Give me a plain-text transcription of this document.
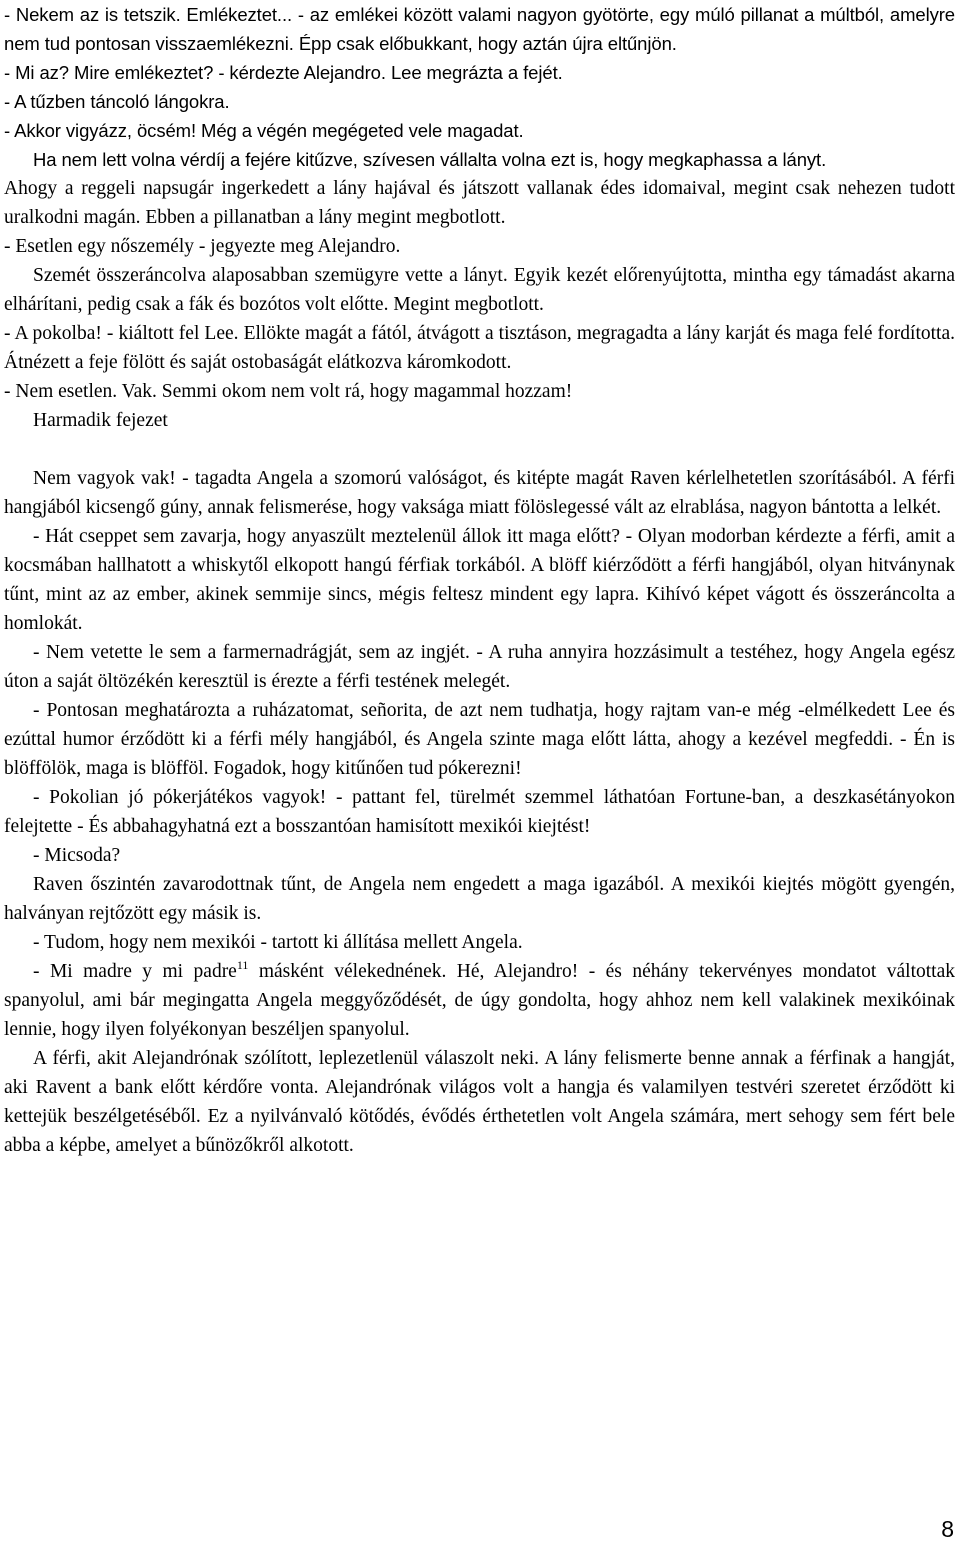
- Nekem az is tetszik. Emlékeztet... - az emlékei között valami nagyon gyötörte, egy múló pillanat a múltból, amelyre nem tud pontosan visszaemlékezni. Épp csak előbukkant, hogy aztán újra eltűnjön.

- Mi az? Mire emlékeztet? - kérdezte Alejandro. Lee megrázta a fejét.

- A tűzben táncoló lángokra.

- Akkor vigyázz, öcsém! Még a végén megégeted vele magadat.

Ha nem lett volna vérdíj a fejére kitűzve, szívesen vállalta volna ezt is, hogy megkaphassa a lányt.

Ahogy a reggeli napsugár ingerkedett a lány hajával és játszott vallanak édes idomaival, megint csak nehezen tudott uralkodni magán. Ebben a pillanatban a lány megint megbotlott.

- Esetlen egy nőszemély - jegyezte meg Alejandro.

Szemét összeráncolva alaposabban szemügyre vette a lányt. Egyik kezét előrenyújtotta, mintha egy támadást akarna elhárítani, pedig csak a fák és bozótos volt előtte. Megint megbotlott.

- A pokolba! - kiáltott fel Lee. Ellökte magát a fától, átvágott a tisztáson, megragadta a lány karját és maga felé fordította. Átnézett a feje fölött és saját ostobaságát elátkozva káromkodott.

- Nem esetlen. Vak. Semmi okom nem volt rá, hogy magammal hozzam!

Harmadik fejezet

Nem vagyok vak! - tagadta Angela a szomorú valóságot, és kitépte magát Raven kérlelhetetlen szorításából. A férfi hangjából kicsengő gúny, annak felismerése, hogy vaksága miatt fölöslegessé vált az elrablása, nagyon bántotta a lelkét.

- Hát cseppet sem zavarja, hogy anyaszült meztelenül állok itt maga előtt? - Olyan modorban kérdezte a férfi, amit a kocsmában hallhatott a whiskytől elkopott hangú férfiak torkából. A blöff kiérződött a férfi hangjából, olyan hitványnak tűnt, mint az az ember, akinek semmije sincs, mégis feltesz mindent egy lapra. Kihívó képet vágott és összeráncolta a homlokát.

- Nem vetette le sem a farmernadrágját, sem az ingjét. - A ruha annyira hozzásimult a testéhez, hogy Angela egész úton a saját öltözékén keresztül is érezte a férfi testének melegét.

- Pontosan meghatározta a ruházatomat, señorita, de azt nem tudhatja, hogy rajtam van-e még -elmélkedett Lee és ezúttal humor érződött ki a férfi mély hangjából, és Angela szinte maga előtt látta, ahogy a kezével megfeddi. - Én is blöffölök, maga is blöfföl. Fogadok, hogy kitűnően tud pókerezni!

- Pokolian jó pókerjátékos vagyok! - pattant fel, türelmét szemmel láthatóan Fortune-ban, a deszkasétányokon felejtette - És abbahagyhatná ezt a bosszantóan hamisított mexikói kiejtést!

- Micsoda?

Raven őszintén zavarodottnak tűnt, de Angela nem engedett a maga igazából. A mexikói kiejtés mögött gyengén, halványan rejtőzött egy másik is.

- Tudom, hogy nem mexikói - tartott ki állítása mellett Angela.

- Mi madre y mi padre$^{11}$ másként vélekednének. Hé, Alejandro! - és néhány tekervényes mondatot váltottak spanyolul, ami bár megingatta Angela meggyőződését, de úgy gondolta, hogy ahhoz nem kell valakinek mexikóinak lennie, hogy ilyen folyékonyan beszéljen spanyolul.

A férfi, akit Alejandrónak szólított, leplezetlenül válaszolt neki. A lány felismerte benne annak a férfinak a hangját, aki Ravent a bank előtt kérdőre vonta. Alejandrónak világos volt a hangja és valamilyen testvéri szeretet érződött ki kettejük beszélgetéséből. Ez a nyilvánvaló kötődés, évődés érthetetlen volt Angela számára, mert sehogy sem fért bele abba a képbe, amelyet a bűnözőkről alkotott.

8
